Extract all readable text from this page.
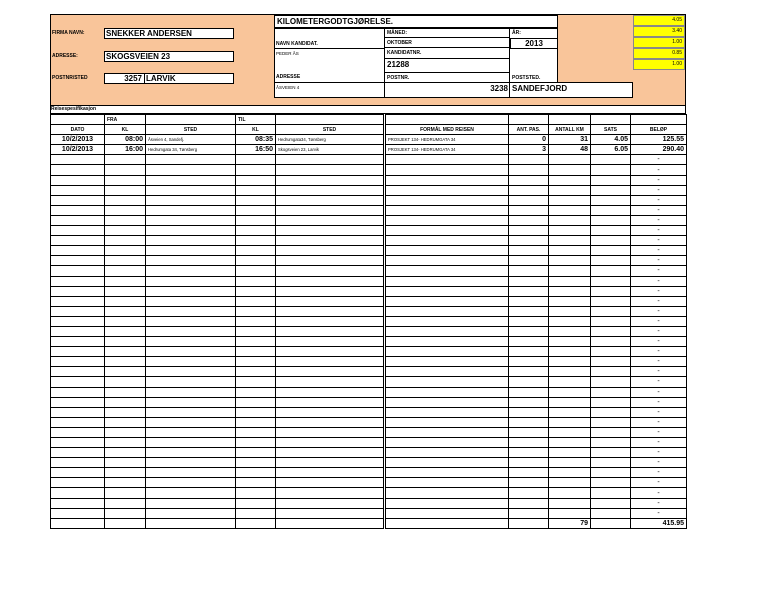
KILOMETERGODTGJØRELSE.
FIRMA NAVN:	SNEKKER ANDERSEN
ADRESSE:	SKOGSVEIEN 23
POSTNR/STED	3257 LARVIK
NAVN KANDIDAT.
PEDER ÅS
ADRESSE
ÅSVEIEN 4
MÅNED:
OKTOBER
KANDIDATNR.
21288
POSTNR.
3238
ÅR:
2013
POSTSTED.
SANDEFJORD
4.05
3.40
1.00
0.85
1.00
Reisespesifikasjon
	FRA		TIL						
DATO	KL	STED	KL	STED	FORMÅL MED REISEN	ANT. PAS.	ANTALL KM	SATS	BELØP
10/2/2013	08:00	Åsveien 4, Sandefj.	08:35	Hedrumgata34, Tønsberg	PROSJEKT 134- HEDRUMGATA 34	0	31	4.05	125.55
10/2/2013	16:00	Hedrumgata 34, Tønsberg	16:50	Skogsveien 23, Larvik	PROSJEKT 134- HEDRUMGATA 34	3	48	6.05	290.40
									-
									-
									-
									-
									-
									-
									-
									-
									-
									-
									-
									-
									-
									-
									-
									-
									-
									-
									-
									-
									-
									-
									-
									-
									-
									-
									-
									-
									-
									-
									-
									-
									-
									-
									-
									-
							79		415.95
